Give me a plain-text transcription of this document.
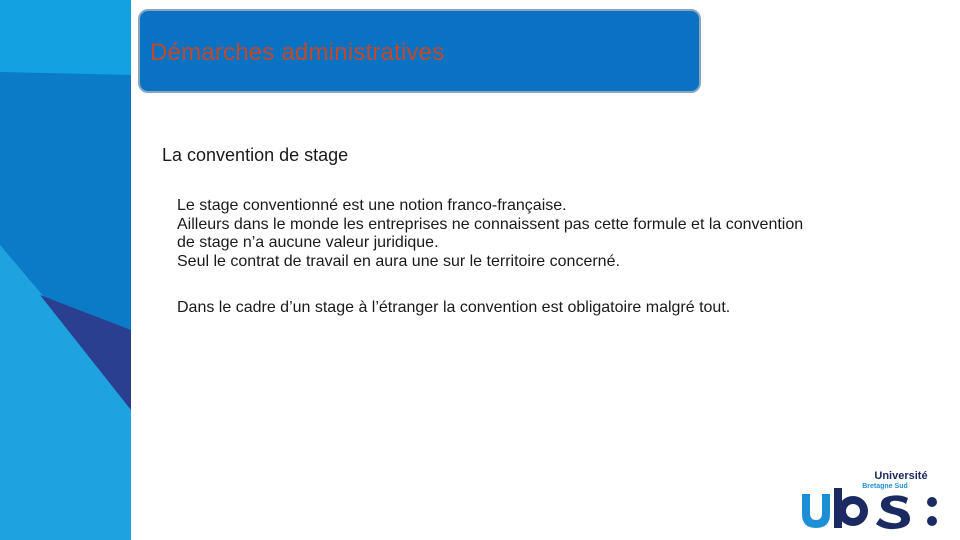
Démarches administratives
La convention de stage

Le stage conventionné est une notion franco-française.

Ailleurs dans le monde les entreprises ne connaissent pas cette formule et la convention de stage n’a aucune valeur juridique.

Seul le contrat de travail en aura une sur le territoire concerné.

Dans le cadre d’un stage à l’étranger la convention est obligatoire malgré tout.

Université
Bretagne Sud
